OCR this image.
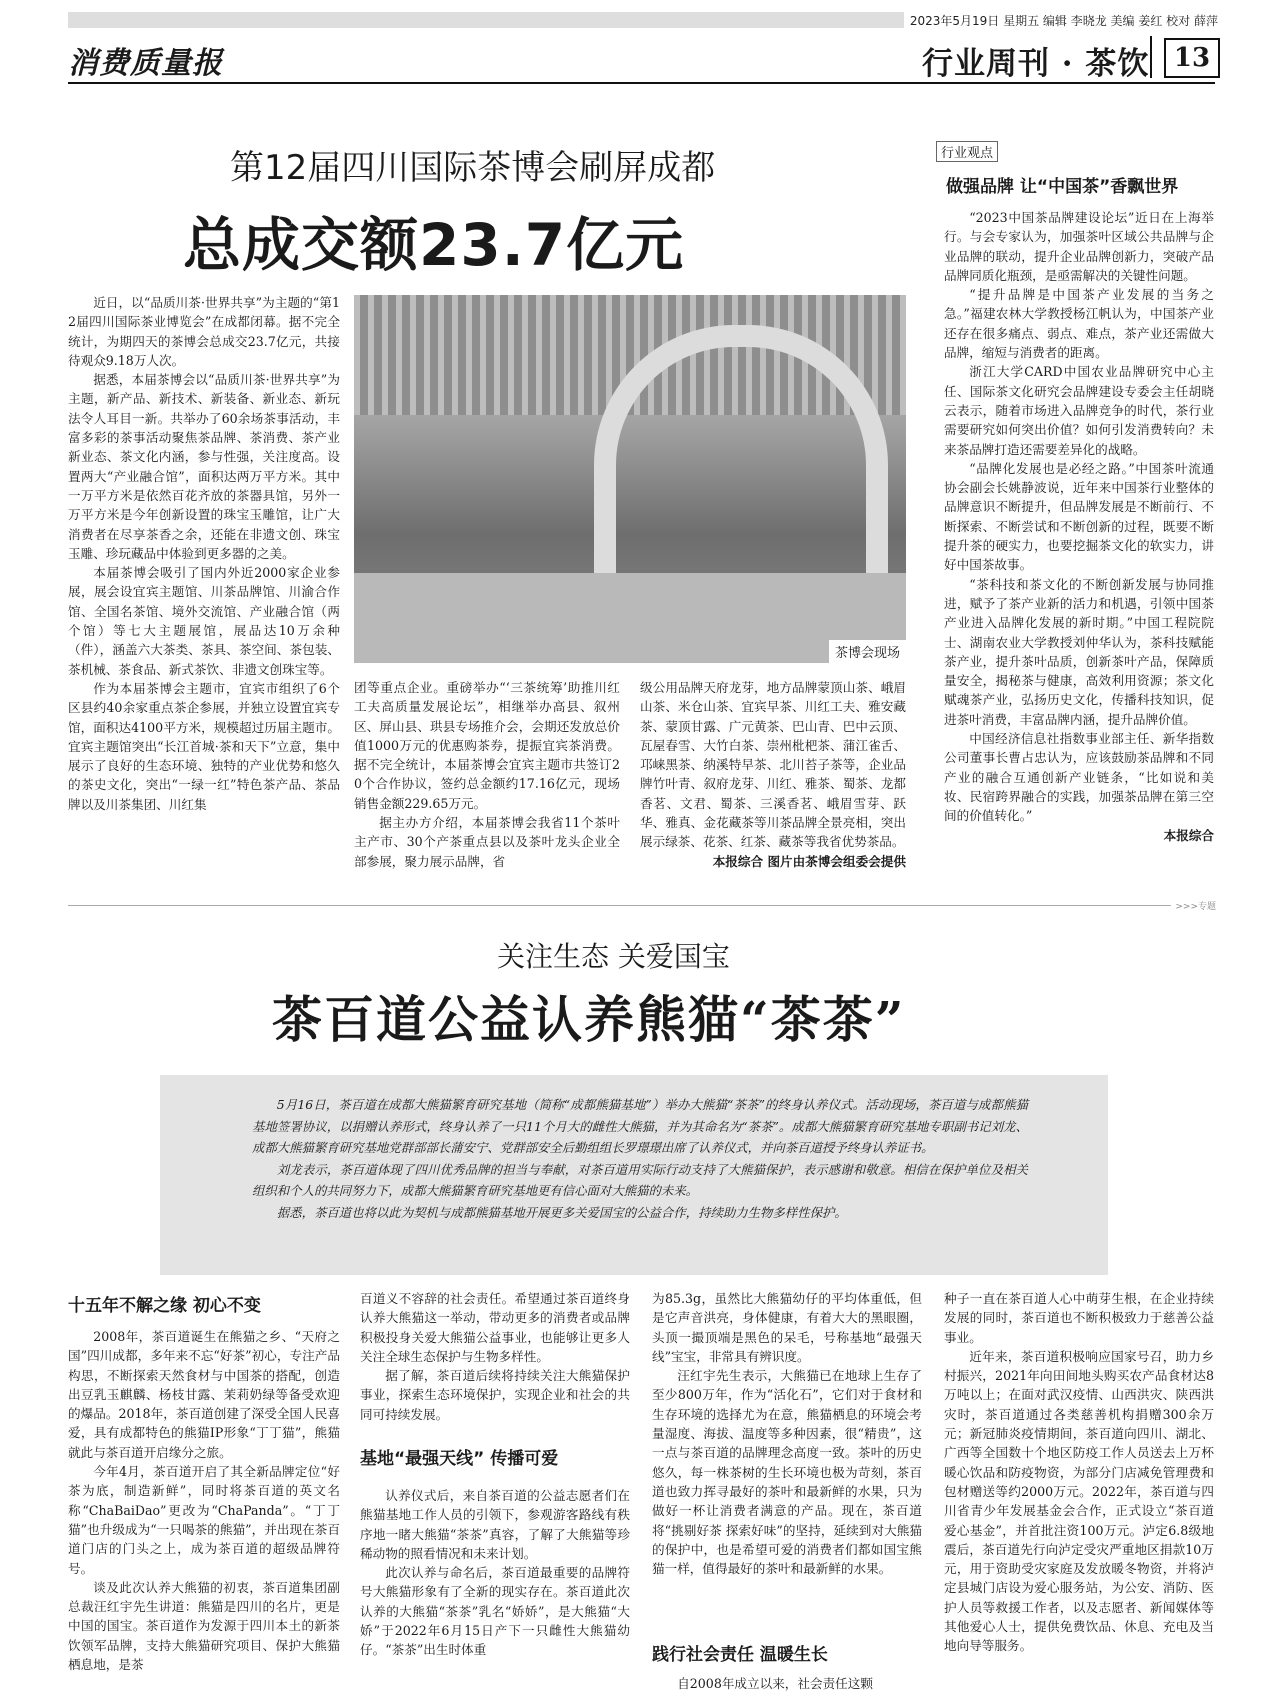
2023年5月19日 星期五 编辑 李晓龙 美编 姜红 校对 薛萍
消费质量报	行业周刊 · 茶饮 13
第12届四川国际茶博会刷屏成都
总成交额23.7亿元

近日，以“品质川茶·世界共享”为主题的“第12届四川国际茶业博览会”在成都闭幕。据不完全统计，为期四天的茶博会总成交23.7亿元，共接待观众9.18万人次。

据悉，本届茶博会以“品质川茶·世界共享”为主题，新产品、新技术、新装备、新业态、新玩法令人耳目一新。共举办了60余场茶事活动，丰富多彩的茶事活动聚焦茶品牌、茶消费、茶产业新业态、茶文化内涵，参与性强，关注度高。设置两大“产业融合馆”，面积达两万平方米。其中一万平方米是依然百花齐放的茶器具馆，另外一万平方米是今年创新设置的珠宝玉雕馆，让广大消费者在尽享茶香之余，还能在非遗文创、珠宝玉雕、珍玩藏品中体验到更多器的之美。

本届茶博会吸引了国内外近2000家企业参展，展会设宜宾主题馆、川茶品牌馆、川渝合作馆、全国名茶馆、境外交流馆、产业融合馆（两个馆）等七大主题展馆，展品达10万余种（件），涵盖六大茶类、茶具、茶空间、茶包装、茶机械、茶食品、新式茶饮、非遗文创珠宝等。

作为本届茶博会主题市，宜宾市组织了6个区县约40余家重点茶企参展，并独立设置宜宾专馆，面积达4100平方米，规模超过历届主题市。宜宾主题馆突出“长江首城·茶和天下”立意，集中展示了良好的生态环境、独特的产业优势和悠久的茶史文化，突出“一绿一红”特色茶产品、茶品牌以及川茶集团、川红集

茶博会现场

团等重点企业。重磅举办“‘三茶统筹’助推川红工夫高质量发展论坛”，相继举办高县、叙州区、屏山县、珙县专场推介会，会期还发放总价值1000万元的优惠购茶券，提振宜宾茶消费。据不完全统计，本届茶博会宜宾主题市共签订20个合作协议，签约总金额约17.16亿元，现场销售金额229.65万元。

据主办方介绍，本届茶博会我省11个茶叶主产市、30个产茶重点县以及茶叶龙头企业全部参展，聚力展示品牌，省

级公用品牌天府龙芽，地方品牌蒙顶山茶、峨眉山茶、米仓山茶、宜宾早茶、川红工夫、雅安藏茶、蒙顶甘露、广元黄茶、巴山青、巴中云顶、瓦屋春雪、大竹白茶、崇州枇杷茶、蒲江雀舌、邛崃黑茶、纳溪特早茶、北川苔子茶等，企业品牌竹叶青、叙府龙芽、川红、雅茶、蜀茶、龙都香茗、文君、蜀茶、三溪香茗、峨眉雪芽、跃华、雅真、金花藏茶等川茶品牌全景亮相，突出展示绿茶、花茶、红茶、藏茶等我省优势茶品。

本报综合 图片由茶博会组委会提供
行业观点
做强品牌 让“中国茶”香飘世界

“2023中国茶品牌建设论坛”近日在上海举行。与会专家认为，加强茶叶区域公共品牌与企业品牌的联动，提升企业品牌创新力，突破产品品牌同质化瓶颈，是亟需解决的关键性问题。

“提升品牌是中国茶产业发展的当务之急。”福建农林大学教授杨江帆认为，中国茶产业还存在很多痛点、弱点、难点，茶产业还需做大品牌，缩短与消费者的距离。

浙江大学CARD中国农业品牌研究中心主任、国际茶文化研究会品牌建设专委会主任胡晓云表示，随着市场进入品牌竞争的时代，茶行业需要研究如何突出价值？如何引发消费转向？未来茶品牌打造还需要差异化的战略。

“品牌化发展也是必经之路。”中国茶叶流通协会副会长姚静波说，近年来中国茶行业整体的品牌意识不断提升，但品牌发展是不断前行、不断探索、不断尝试和不断创新的过程，既要不断提升茶的硬实力，也要挖掘茶文化的软实力，讲好中国茶故事。

“茶科技和茶文化的不断创新发展与协同推进，赋予了茶产业新的活力和机遇，引领中国茶产业进入品牌化发展的新时期。”中国工程院院士、湖南农业大学教授刘仲华认为，茶科技赋能茶产业，提升茶叶品质，创新茶叶产品，保障质量安全，揭秘茶与健康，高效利用资源；茶文化赋魂茶产业，弘扬历史文化，传播科技知识，促进茶叶消费，丰富品牌内涵，提升品牌价值。

中国经济信息社指数事业部主任、新华指数公司董事长曹占忠认为，应该鼓励茶品牌和不同产业的融合互通创新产业链条，“比如说和美妆、民宿跨界融合的实践，加强茶品牌在第三空间的价值转化。”

本报综合
>>>专题
关注生态 关爱国宝
茶百道公益认养熊猫“茶茶”

5月16日，茶百道在成都大熊猫繁育研究基地（简称“成都熊猫基地”）举办大熊猫“茶茶”的终身认养仪式。活动现场，茶百道与成都熊猫基地签署协议，以捐赠认养形式，终身认养了一只11个月大的雌性大熊猫，并为其命名为“茶茶”。成都大熊猫繁育研究基地专职副书记刘龙、成都大熊猫繁育研究基地党群部部长蒲安宁、党群部安全后勤组组长罗璟璟出席了认养仪式，并向茶百道授予终身认养证书。

刘龙表示，茶百道体现了四川优秀品牌的担当与奉献，对茶百道用实际行动支持了大熊猫保护，表示感谢和敬意。相信在保护单位及相关组织和个人的共同努力下，成都大熊猫繁育研究基地更有信心面对大熊猫的未来。

据悉，茶百道也将以此为契机与成都熊猫基地开展更多关爱国宝的公益合作，持续助力生物多样性保护。

十五年不解之缘 初心不变

2008年，茶百道诞生在熊猫之乡、“天府之国”四川成都，多年来不忘“好茶”初心，专注产品构思，不断探索天然食材与中国茶的搭配，创造出豆乳玉麒麟、杨枝甘露、茉莉奶绿等备受欢迎的爆品。2018年，茶百道创建了深受全国人民喜爱，具有成都特色的熊猫IP形象“丁丁猫”，熊猫就此与茶百道开启缘分之旅。

今年4月，茶百道开启了其全新品牌定位“好茶为底，制造新鲜”，同时将茶百道的英文名称“ChaBaiDao”更改为“ChaPanda”。“丁丁猫”也升级成为“一只喝茶的熊猫”，并出现在茶百道门店的门头之上，成为茶百道的超级品牌符号。

谈及此次认养大熊猫的初衷，茶百道集团副总裁汪红宇先生讲道：熊猫是四川的名片，更是中国的国宝。茶百道作为发源于四川本土的新茶饮领军品牌，支持大熊猫研究项目、保护大熊猫栖息地，是茶

百道义不容辞的社会责任。希望通过茶百道终身认养大熊猫这一举动，带动更多的消费者或品牌积极投身关爱大熊猫公益事业，也能够让更多人关注全球生态保护与生物多样性。

据了解，茶百道后续将持续关注大熊猫保护事业，探索生态环境保护，实现企业和社会的共同可持续发展。

基地“最强天线” 传播可爱

认养仪式后，来自茶百道的公益志愿者们在熊猫基地工作人员的引领下，参观游客路线有秩序地一睹大熊猫“茶茶”真容，了解了大熊猫等珍稀动物的照看情况和未来计划。

此次认养与命名后，茶百道最重要的品牌符号大熊猫形象有了全新的现实存在。茶百道此次认养的大熊猫“茶茶”乳名“娇娇”，是大熊猫“大娇”于2022年6月15日产下一只雌性大熊猫幼仔。“茶茶”出生时体重

为85.3g，虽然比大熊猫幼仔的平均体重低，但是它声音洪亮，身体健康，有着大大的黑眼圈，头顶一撮顶端是黑色的呆毛，号称基地“最强天线”宝宝，非常具有辨识度。

汪红宇先生表示，大熊猫已在地球上生存了至少800万年，作为“活化石”，它们对于食材和生存环境的选择尤为在意，熊猫栖息的环境会考量湿度、海拔、温度等多种因素，很“精贵”，这一点与茶百道的品牌理念高度一致。茶叶的历史悠久，每一株茶树的生长环境也极为苛刻，茶百道也致力挥寻最好的茶叶和最新鲜的水果，只为做好一杯让消费者满意的产品。现在，茶百道将“挑剔好茶 探索好味”的坚持，延续到对大熊猫的保护中，也是希望可爱的消费者们都如国宝熊猫一样，值得最好的茶叶和最新鲜的水果。

践行社会责任 温暖生长

自2008年成立以来，社会责任这颗

种子一直在茶百道人心中萌芽生根，在企业持续发展的同时，茶百道也不断积极致力于慈善公益事业。

近年来，茶百道积极响应国家号召，助力乡村振兴，2021年向田间地头购买农产品食材达8万吨以上；在面对武汉疫情、山西洪灾、陕西洪灾时，茶百道通过各类慈善机构捐赠300余万元；新冠肺炎疫情期间，茶百道向四川、湖北、广西等全国数十个地区防疫工作人员送去上万杯暖心饮品和防疫物资，为部分门店减免管理费和包材赠送等约2000万元。2022年，茶百道与四川省青少年发展基金会合作，正式设立“茶百道爱心基金”，并首批注资100万元。泸定6.8级地震后，茶百道先行向泸定受灾严重地区捐款10万元，用于资助受灾家庭及发放暖冬物资，并将泸定县城门店设为爱心服务站，为公安、消防、医护人员等救援工作者，以及志愿者、新闻媒体等其他爱心人士，提供免费饮品、休息、充电及当地向导等服务。
